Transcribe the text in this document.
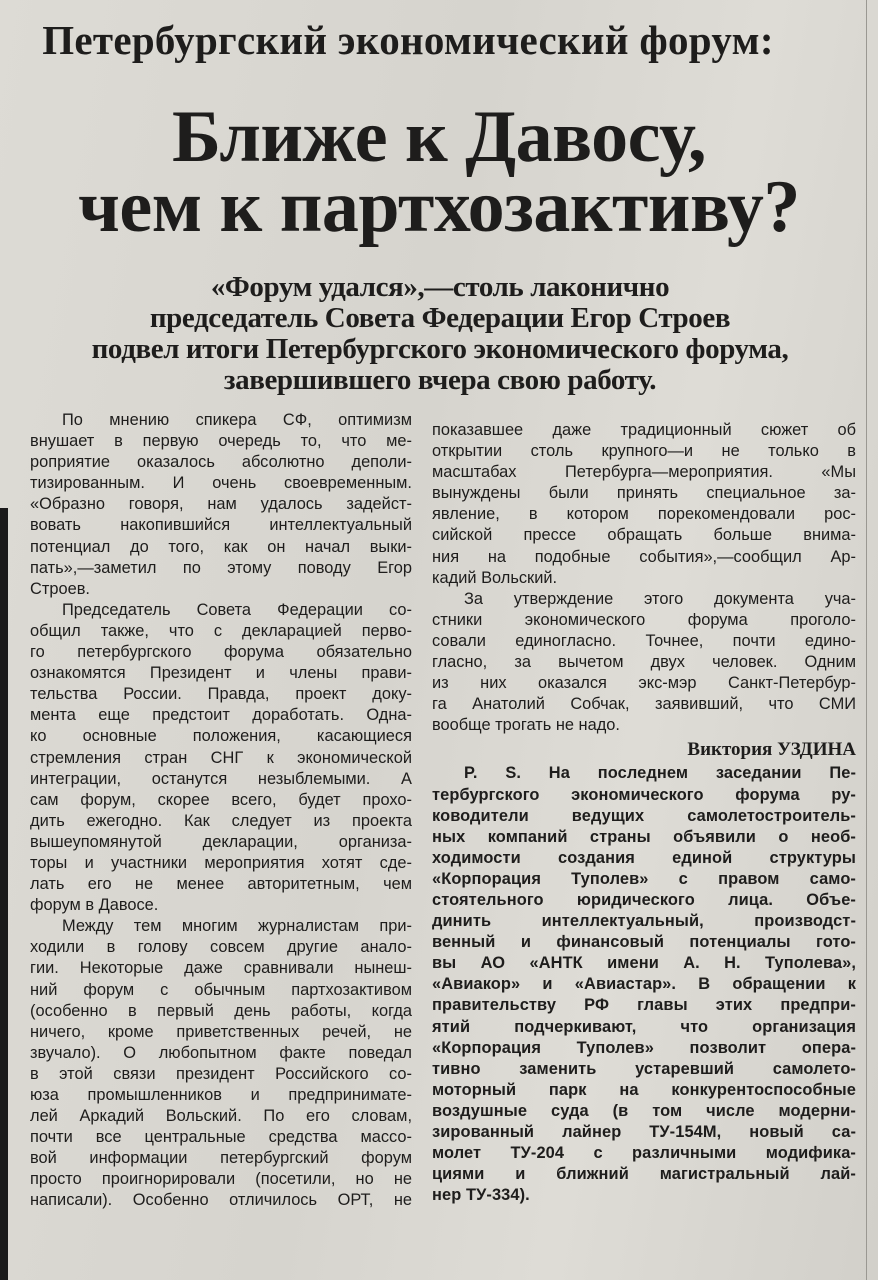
Петербургский экономический форум:
Ближе к Давосу,
чем к партхозактиву?
«Форум удался»,—столь лаконично
председатель Совета Федерации Егор Строев
подвел итоги Петербургского экономического форума,
завершившего вчера свою работу.
По мнению спикера СФ, оптимизм
внушает в первую очередь то, что ме-
роприятие оказалось абсолютно деполи-
тизированным. И очень своевременным.
«Образно говоря, нам удалось задейст-
вовать накопившийся интеллектуальный
потенциал до того, как он начал выки-
пать»,—заметил по этому поводу Егор
Строев.
Председатель Совета Федерации со-
общил также, что с декларацией перво-
го петербургского форума обязательно
ознакомятся Президент и члены прави-
тельства России. Правда, проект доку-
мента еще предстоит доработать. Одна-
ко основные положения, касающиеся
стремления стран СНГ к экономической
интеграции, останутся незыблемыми. А
сам форум, скорее всего, будет прохо-
дить ежегодно. Как следует из проекта
вышеупомянутой декларации, организа-
торы и участники мероприятия хотят сде-
лать его не менее авторитетным, чем
форум в Давосе.
Между тем многим журналистам при-
ходили в голову совсем другие анало-
гии. Некоторые даже сравнивали нынеш-
ний форум с обычным партхозактивом
(особенно в первый день работы, когда
ничего, кроме приветственных речей, не
звучало). О любопытном факте поведал
в этой связи президент Российского со-
юза промышленников и предпринимате-
лей Аркадий Вольский. По его словам,
почти все центральные средства массо-
вой информации петербургский форум
просто проигнорировали (посетили, но не
написали). Особенно отличилось ОРТ, не
показавшее даже традиционный сюжет об
открытии столь крупного—и не только в
масштабах Петербурга—мероприятия. «Мы
вынуждены были принять специальное за-
явление, в котором порекомендовали рос-
сийской прессе обращать больше внима-
ния на подобные события»,—сообщил Ар-
кадий Вольский.
За утверждение этого документа уча-
стники экономического форума проголо-
совали единогласно. Точнее, почти едино-
гласно, за вычетом двух человек. Одним
из них оказался экс-мэр Санкт-Петербур-
га Анатолий Собчак, заявивший, что СМИ
вообще трогать не надо.
Виктория УЗДИНА
P. S. На последнем заседании Пе-
тербургского экономического форума ру-
ководители ведущих самолетостроитель-
ных компаний страны объявили о необ-
ходимости создания единой структуры
«Корпорация Туполев» с правом само-
стоятельного юридического лица. Объе-
динить интеллектуальный, производст-
венный и финансовый потенциалы гото-
вы АО «АНТК имени А. Н. Туполева»,
«Авиакор» и «Авиастар». В обращении к
правительству РФ главы этих предпри-
ятий подчеркивают, что организация
«Корпорация Туполев» позволит опера-
тивно заменить устаревший самолето-
моторный парк на конкурентоспособные
воздушные суда (в том числе модерни-
зированный лайнер ТУ-154М, новый са-
молет ТУ-204 с различными модифика-
циями и ближний магистральный лай-
нер ТУ-334).
